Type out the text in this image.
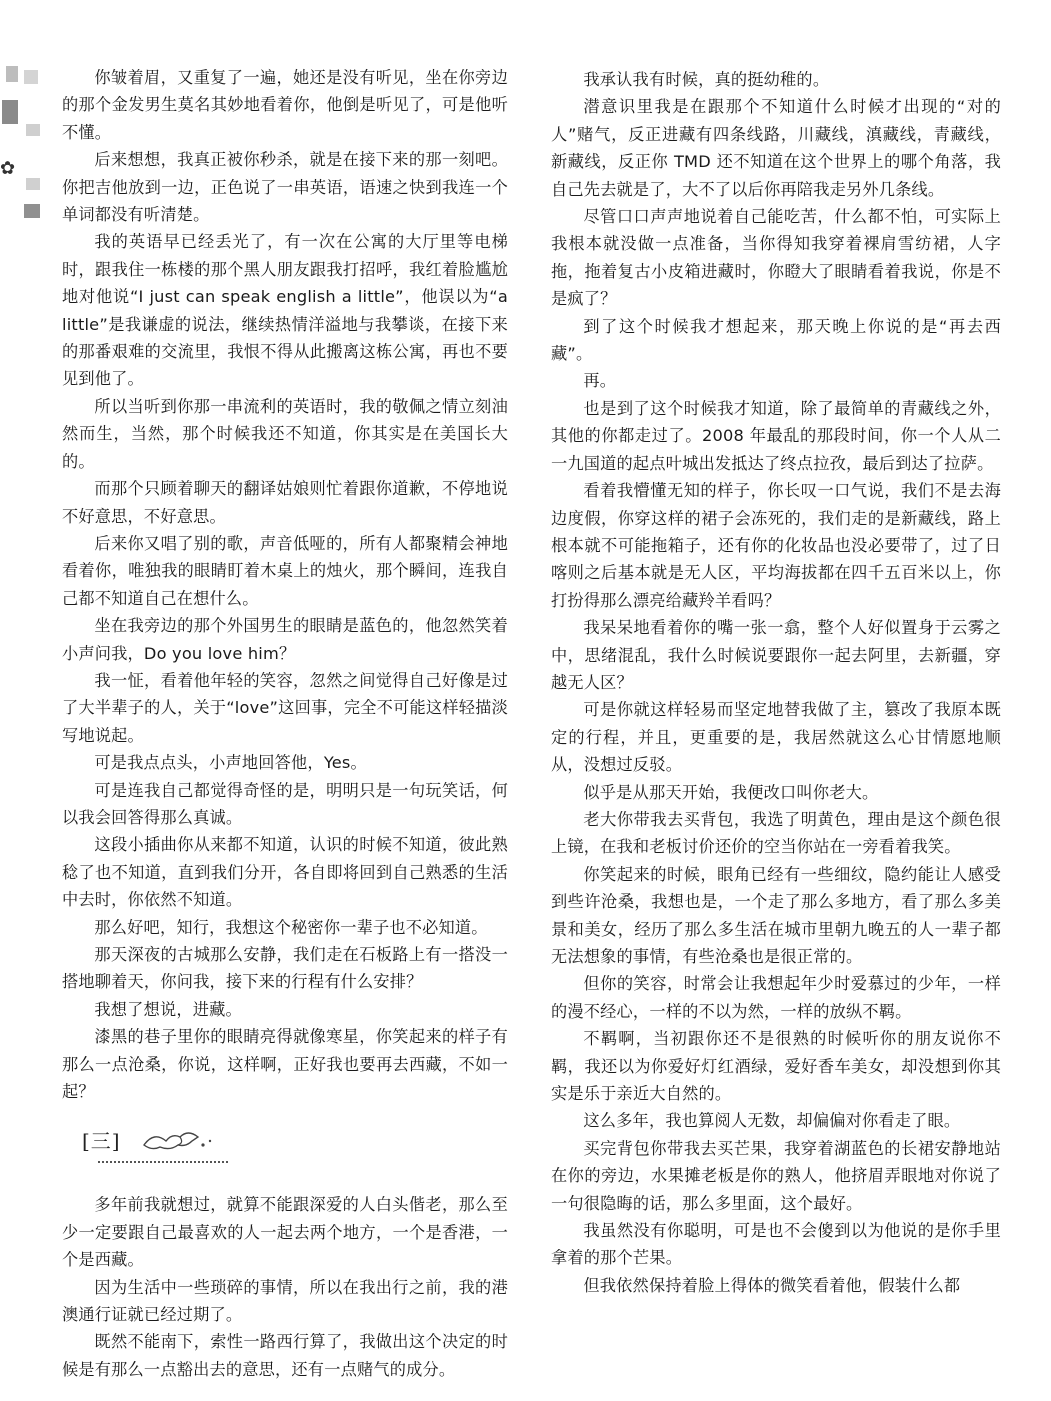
✿

你皱着眉，又重复了一遍，她还是没有听见，坐在你旁边的那个金发男生莫名其妙地看着你，他倒是听见了，可是他听不懂。

后来想想，我真正被你秒杀，就是在接下来的那一刻吧。你把吉他放到一边，正色说了一串英语，语速之快到我连一个单词都没有听清楚。

我的英语早已经丢光了，有一次在公寓的大厅里等电梯时，跟我住一栋楼的那个黑人朋友跟我打招呼，我红着脸尴尬地对他说“I just can speak english a little”，他误以为“a little”是我谦虚的说法，继续热情洋溢地与我攀谈，在接下来的那番艰难的交流里，我恨不得从此搬离这栋公寓，再也不要见到他了。

所以当听到你那一串流利的英语时，我的敬佩之情立刻油然而生，当然，那个时候我还不知道，你其实是在美国长大的。

而那个只顾着聊天的翻译姑娘则忙着跟你道歉，不停地说不好意思，不好意思。

后来你又唱了别的歌，声音低哑的，所有人都聚精会神地看着你，唯独我的眼睛盯着木桌上的烛火，那个瞬间，连我自己都不知道自己在想什么。

坐在我旁边的那个外国男生的眼睛是蓝色的，他忽然笑着小声问我，Do you love him？

我一怔，看着他年轻的笑容，忽然之间觉得自己好像是过了大半辈子的人，关于“love”这回事，完全不可能这样轻描淡写地说起。

可是我点点头，小声地回答他，Yes。

可是连我自己都觉得奇怪的是，明明只是一句玩笑话，何以我会回答得那么真诚。

这段小插曲你从来都不知道，认识的时候不知道，彼此熟稔了也不知道，直到我们分开，各自即将回到自己熟悉的生活中去时，你依然不知道。

那么好吧，知行，我想这个秘密你一辈子也不必知道。

那天深夜的古城那么安静，我们走在石板路上有一搭没一搭地聊着天，你问我，接下来的行程有什么安排？

我想了想说，进藏。

漆黑的巷子里你的眼睛亮得就像寒星，你笑起来的样子有那么一点沧桑，你说，这样啊，正好我也要再去西藏，不如一起？

[三]

多年前我就想过，就算不能跟深爱的人白头偕老，那么至少一定要跟自己最喜欢的人一起去两个地方，一个是香港，一个是西藏。

因为生活中一些琐碎的事情，所以在我出行之前，我的港澳通行证就已经过期了。

既然不能南下，索性一路西行算了，我做出这个决定的时候是有那么一点豁出去的意思，还有一点赌气的成分。

我承认我有时候，真的挺幼稚的。

潜意识里我是在跟那个不知道什么时候才出现的“对的人”赌气，反正进藏有四条线路，川藏线，滇藏线，青藏线，新藏线，反正你 TMD 还不知道在这个世界上的哪个角落，我自己先去就是了，大不了以后你再陪我走另外几条线。

尽管口口声声地说着自己能吃苦，什么都不怕，可实际上我根本就没做一点准备，当你得知我穿着裸肩雪纺裙，人字拖，拖着复古小皮箱进藏时，你瞪大了眼睛看着我说，你是不是疯了？

到了这个时候我才想起来，那天晚上你说的是“再去西藏”。

再。

也是到了这个时候我才知道，除了最简单的青藏线之外，其他的你都走过了。2008 年最乱的那段时间，你一个人从二一九国道的起点叶城出发抵达了终点拉孜，最后到达了拉萨。

看着我懵懂无知的样子，你长叹一口气说，我们不是去海边度假，你穿这样的裙子会冻死的，我们走的是新藏线，路上根本就不可能拖箱子，还有你的化妆品也没必要带了，过了日喀则之后基本就是无人区，平均海拔都在四千五百米以上，你打扮得那么漂亮给藏羚羊看吗？

我呆呆地看着你的嘴一张一翕，整个人好似置身于云雾之中，思绪混乱，我什么时候说要跟你一起去阿里，去新疆，穿越无人区？

可是你就这样轻易而坚定地替我做了主，篡改了我原本既定的行程，并且，更重要的是，我居然就这么心甘情愿地顺从，没想过反驳。

似乎是从那天开始，我便改口叫你老大。

老大你带我去买背包，我选了明黄色，理由是这个颜色很上镜，在我和老板讨价还价的空当你站在一旁看着我笑。

你笑起来的时候，眼角已经有一些细纹，隐约能让人感受到些许沧桑，我想也是，一个走了那么多地方，看了那么多美景和美女，经历了那么多生活在城市里朝九晚五的人一辈子都无法想象的事情，有些沧桑也是很正常的。

但你的笑容，时常会让我想起年少时爱慕过的少年，一样的漫不经心，一样的不以为然，一样的放纵不羁。

不羁啊，当初跟你还不是很熟的时候听你的朋友说你不羁，我还以为你爱好灯红酒绿，爱好香车美女，却没想到你其实是乐于亲近大自然的。

这么多年，我也算阅人无数，却偏偏对你看走了眼。

买完背包你带我去买芒果，我穿着湖蓝色的长裙安静地站在你的旁边，水果摊老板是你的熟人，他挤眉弄眼地对你说了一句很隐晦的话，那么多里面，这个最好。

我虽然没有你聪明，可是也不会傻到以为他说的是你手里拿着的那个芒果。

但我依然保持着脸上得体的微笑看着他，假装什么都
